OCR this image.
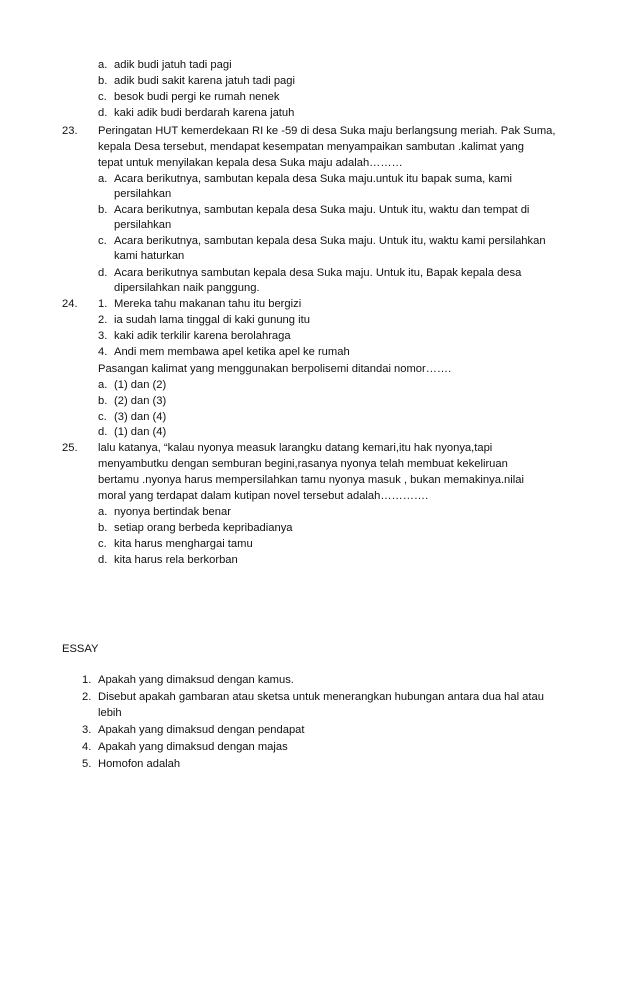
a. adik budi jatuh tadi pagi
b. adik budi sakit karena jatuh tadi pagi
c. besok budi pergi ke rumah nenek
d. kaki adik budi berdarah karena jatuh
23. Peringatan HUT kemerdekaan RI ke -59 di desa Suka maju berlangsung meriah. Pak Suma,
kepala Desa tersebut, mendapat kesempatan menyampaikan sambutan .kalimat yang
tepat untuk menyilakan kepala desa Suka maju adalah………
a. Acara berikutnya, sambutan kepala desa Suka maju.untuk itu bapak suma, kami
persilahkan
b. Acara berikutnya, sambutan kepala desa Suka maju. Untuk itu, waktu dan tempat di
persilahkan
c. Acara berikutnya, sambutan kepala desa Suka maju. Untuk itu, waktu kami persilahkan
kami haturkan
d. Acara berikutnya sambutan kepala desa Suka maju. Untuk itu, Bapak kepala desa
dipersilahkan naik panggung.
24. 1. Mereka tahu makanan tahu itu bergizi
2. ia sudah lama tinggal di kaki gunung itu
3. kaki adik terkilir karena berolahraga
4. Andi mem membawa apel ketika apel ke rumah
Pasangan kalimat yang menggunakan berpolisemi ditandai nomor…….
a. (1) dan (2)
b. (2) dan (3)
c. (3) dan (4)
d. (1) dan (4)
25. lalu katanya, “kalau nyonya measuk larangku datang kemari,itu hak nyonya,tapi
menyambutku dengan semburan begini,rasanya nyonya telah membuat kekeliruan
bertamu .nyonya harus mempersilahkan tamu nyonya masuk , bukan memakinya.nilai
moral yang terdapat dalam kutipan novel tersebut adalah………….
a. nyonya bertindak benar
b. setiap orang berbeda kepribadianya
c. kita harus menghargai tamu
d. kita harus rela berkorban
ESSAY
1. Apakah yang dimaksud dengan kamus.
2. Disebut apakah gambaran atau sketsa untuk menerangkan hubungan antara dua hal atau
lebih
3. Apakah yang dimaksud dengan pendapat
4. Apakah yang dimaksud dengan majas
5. Homofon adalah
